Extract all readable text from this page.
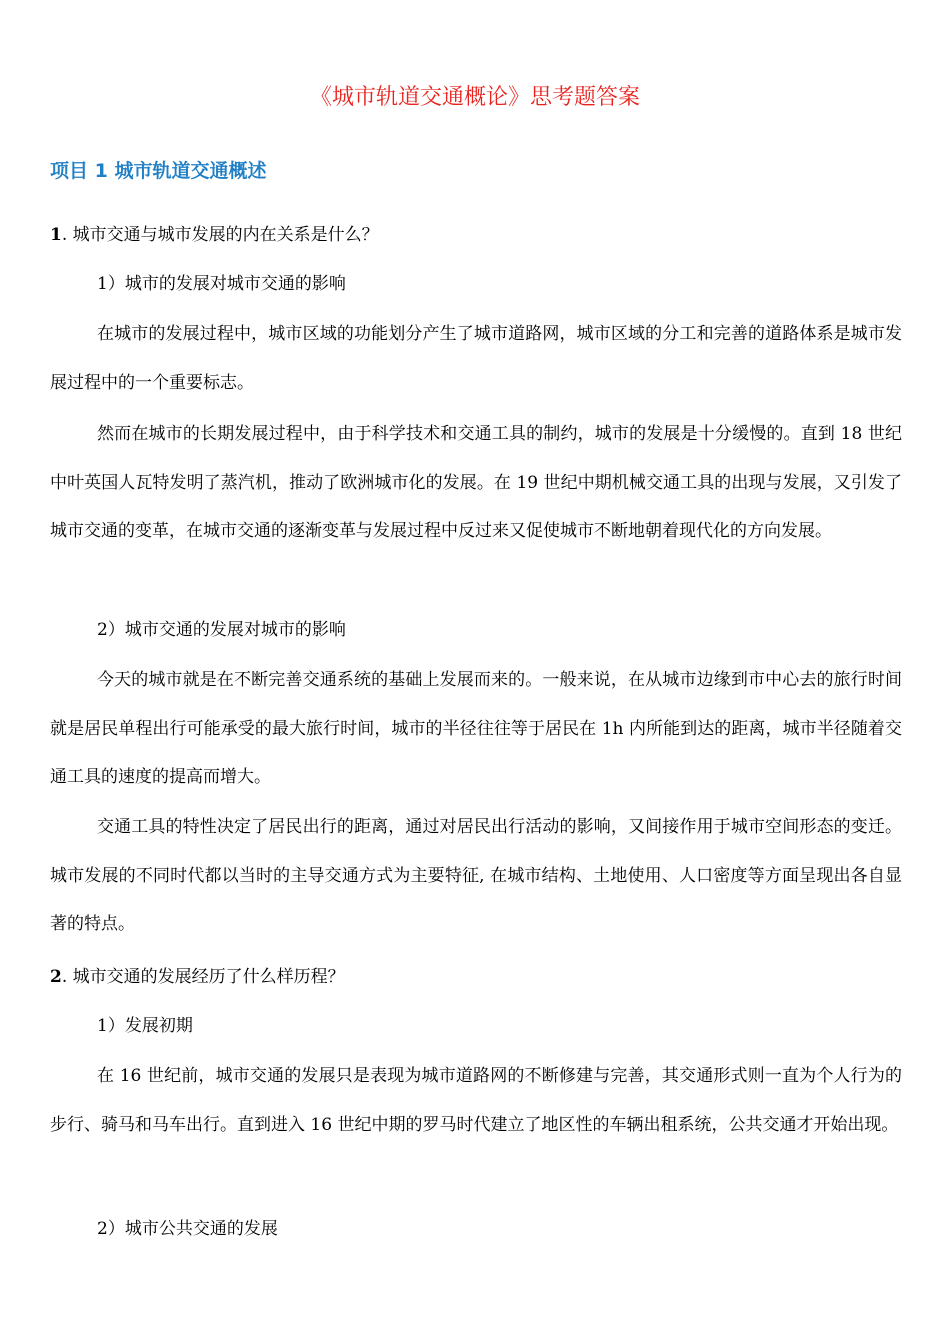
《城市轨道交通概论》思考题答案
项目 1 城市轨道交通概述

1. 城市交通与城市发展的内在关系是什么？

1）城市的发展对城市交通的影响

在城市的发展过程中，城市区域的功能划分产生了城市道路网，城市区域的分工和完善的道路体系是城市发展过程中的一个重要标志。

然而在城市的长期发展过程中，由于科学技术和交通工具的制约，城市的发展是十分缓慢的。直到 18 世纪中叶英国人瓦特发明了蒸汽机，推动了欧洲城市化的发展。在 19 世纪中期机械交通工具的出现与发展，又引发了城市交通的变革，在城市交通的逐渐变革与发展过程中反过来又促使城市不断地朝着现代化的方向发展。

2）城市交通的发展对城市的影响

今天的城市就是在不断完善交通系统的基础上发展而来的。一般来说，在从城市边缘到市中心去的旅行时间就是居民单程出行可能承受的最大旅行时间，城市的半径往往等于居民在 1h 内所能到达的距离，城市半径随着交通工具的速度的提高而增大。

交通工具的特性决定了居民出行的距离，通过对居民出行活动的影响，又间接作用于城市空间形态的变迁。城市发展的不同时代都以当时的主导交通方式为主要特征, 在城市结构、土地使用、人口密度等方面呈现出各自显著的特点。

2. 城市交通的发展经历了什么样历程？

1）发展初期

在 16 世纪前，城市交通的发展只是表现为城市道路网的不断修建与完善，其交通形式则一直为个人行为的步行、骑马和马车出行。直到进入 16 世纪中期的罗马时代建立了地区性的车辆出租系统，公共交通才开始出现。

2）城市公共交通的发展
